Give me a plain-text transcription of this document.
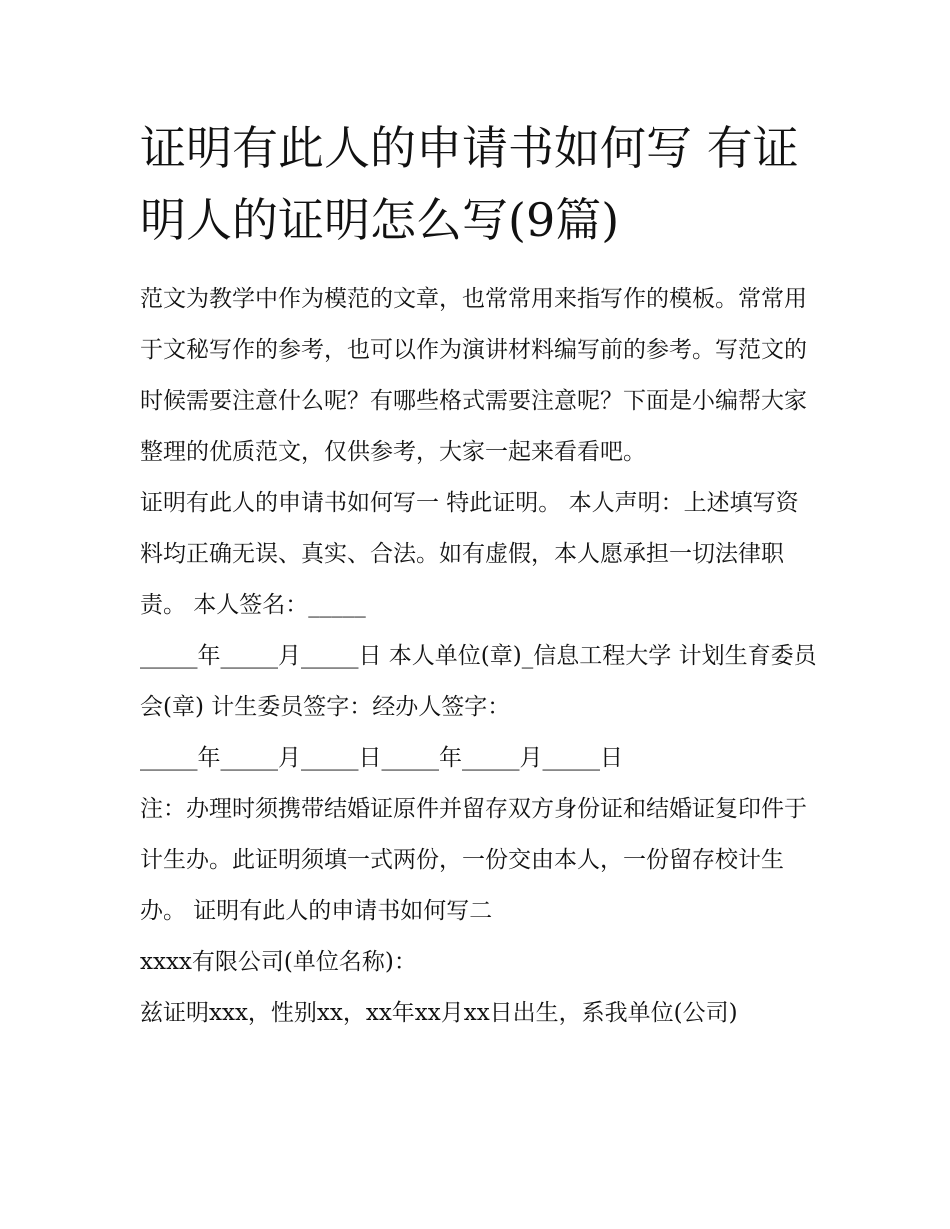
证明有此人的申请书如何写 有证明人的证明怎么写(9篇)

范文为教学中作为模范的文章，也常常用来指写作的模板。常常用于文秘写作的参考，也可以作为演讲材料编写前的参考。写范文的时候需要注意什么呢？有哪些格式需要注意呢？下面是小编帮大家整理的优质范文，仅供参考，大家一起来看看吧。

证明有此人的申请书如何写一 特此证明。 本人声明：上述填写资料均正确无误、真实、合法。如有虚假，本人愿承担一切法律职责。 本人签名：_____

_____年_____月_____日 本人单位(章)_信息工程大学 计划生育委员会(章) 计生委员签字：经办人签字：

_____年_____月_____日_____年_____月_____日

注：办理时须携带结婚证原件并留存双方身份证和结婚证复印件于计生办。此证明须填一式两份，一份交由本人，一份留存校计生办。 证明有此人的申请书如何写二

xxxx有限公司(单位名称)：

兹证明xxx，性别xx，xx年xx月xx日出生，系我单位(公司)
